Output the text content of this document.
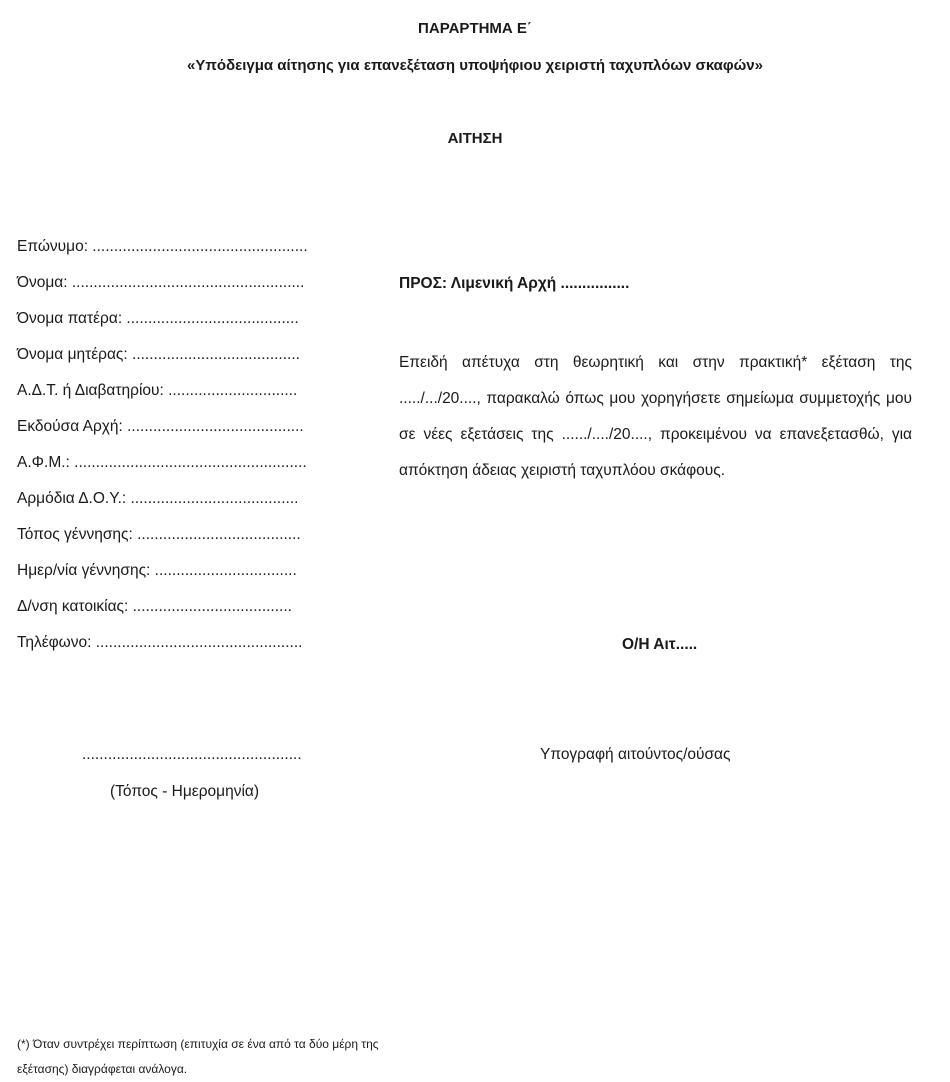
ΠΑΡΑΡΤΗΜΑ Ε΄
«Υπόδειγμα αίτησης για επανεξέταση υποψήφιου χειριστή ταχυπλόων σκαφών»
ΑΙΤΗΣΗ
Επώνυμο: ..................................................
Όνομα: ......................................................
Όνομα πατέρα: ........................................
Όνομα μητέρας: .......................................
Α.Δ.Τ. ή Διαβατηρίου: ..............................
Εκδούσα Αρχή: .........................................
Α.Φ.Μ.: ......................................................
Αρμόδια Δ.Ο.Υ.: .......................................
Τόπος γέννησης: ......................................
Ημερ/νία γέννησης: .................................
Δ/νση κατοικίας: .....................................
Τηλέφωνο: ................................................
ΠΡΟΣ: Λιμενική Αρχή ................
Επειδή απέτυχα στη θεωρητική και στην πρακτική* εξέταση της ...../.../20...., παρακαλώ όπως μου χορηγήσετε σημείωμα συμμετοχής μου σε νέες εξετάσεις της ....../..../20...., προκειμένου να επανεξετασθώ, για απόκτηση άδειας χειριστή ταχυπλόου σκάφους.
Ο/Η Αιτ.....
...................................................
(Τόπος - Ημερομηνία)
Υπογραφή αιτούντος/ούσας
(*) Όταν συντρέχει περίπτωση (επιτυχία σε ένα από τα δύο μέρη της εξέτασης) διαγράφεται ανάλογα.
